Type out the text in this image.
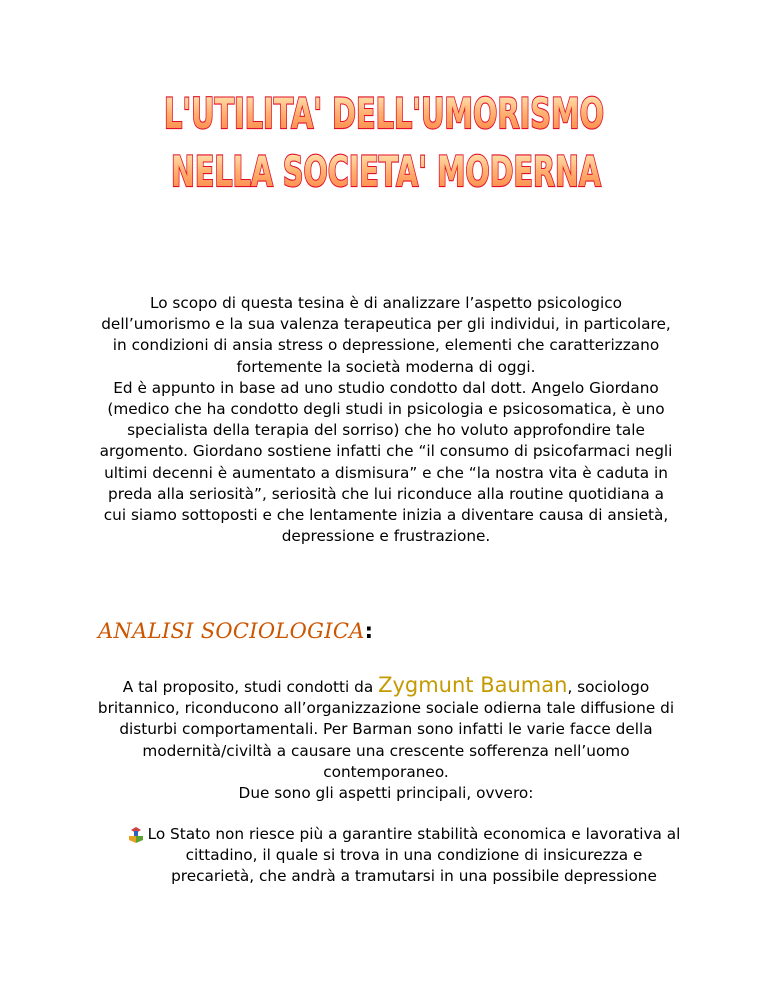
L'UTILITA' DELL'UMORISMO
NELLA SOCIETA' MODERNA

Lo scopo di questa tesina è di analizzare l’aspetto psicologico dell’umorismo e la sua valenza terapeutica per gli individui, in particolare, in condizioni di ansia stress o depressione, elementi che caratterizzano fortemente la società moderna di oggi.

Ed è appunto in base ad uno studio condotto dal dott. Angelo Giordano (medico che ha condotto degli studi in psicologia e psicosomatica, è uno specialista della terapia del sorriso) che ho voluto approfondire tale argomento. Giordano sostiene infatti che “il consumo di psicofarmaci negli ultimi decenni è aumentato a dismisura” e che “la nostra vita è caduta in preda alla seriosità”, seriosità che lui riconduce alla routine quotidiana a cui siamo sottoposti e che lentamente inizia a diventare causa di ansietà, depressione e frustrazione.

ANALISI SOCIOLOGICA:

A tal proposito, studi condotti da Zygmunt Bauman, sociologo britannico, riconducono all’organizzazione sociale odierna tale diffusione di disturbi comportamentali. Per Barman sono infatti le varie facce della modernità/civiltà a causare una crescente sofferenza nell’uomo contemporaneo.

Due sono gli aspetti principali, ovvero:

Lo Stato non riesce più a garantire stabilità economica e lavorativa al cittadino, il quale si trova in una condizione di insicurezza e precarietà, che andrà a tramutarsi in una possibile depressione
